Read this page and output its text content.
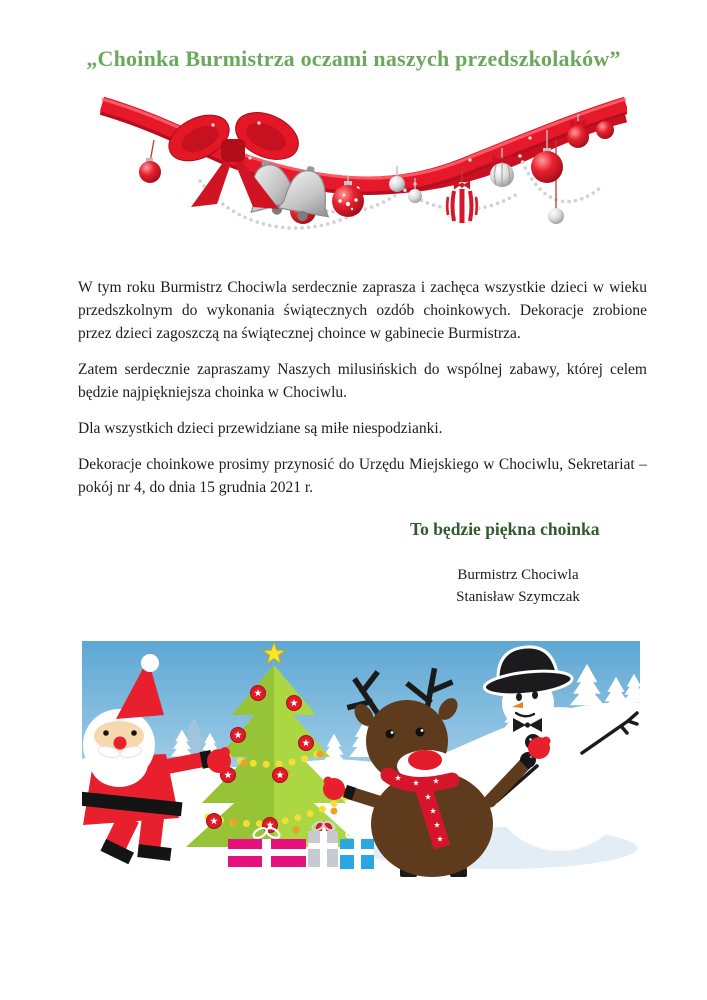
„Choinka Burmistrza oczami naszych przedszkolaków”

W tym roku Burmistrz Chociwla serdecznie zaprasza i zachęca wszystkie dzieci w wieku przedszkolnym do wykonania świątecznych ozdób choinkowych. Dekoracje zrobione przez dzieci zagoszczą na świątecznej choince w gabinecie Burmistrza.

Zatem serdecznie zapraszamy Naszych milusińskich do wspólnej zabawy, której celem będzie najpiękniejsza choinka w Chociwlu.

Dla wszystkich dzieci przewidziane są miłe niespodzianki.

Dekoracje choinkowe prosimy przynosić do Urzędu Miejskiego w Chociwlu, Sekretariat – pokój nr 4, do dnia 15 grudnia 2021 r.

To będzie piękna choinka
Burmistrz Chociwla
Stanisław Szymczak
